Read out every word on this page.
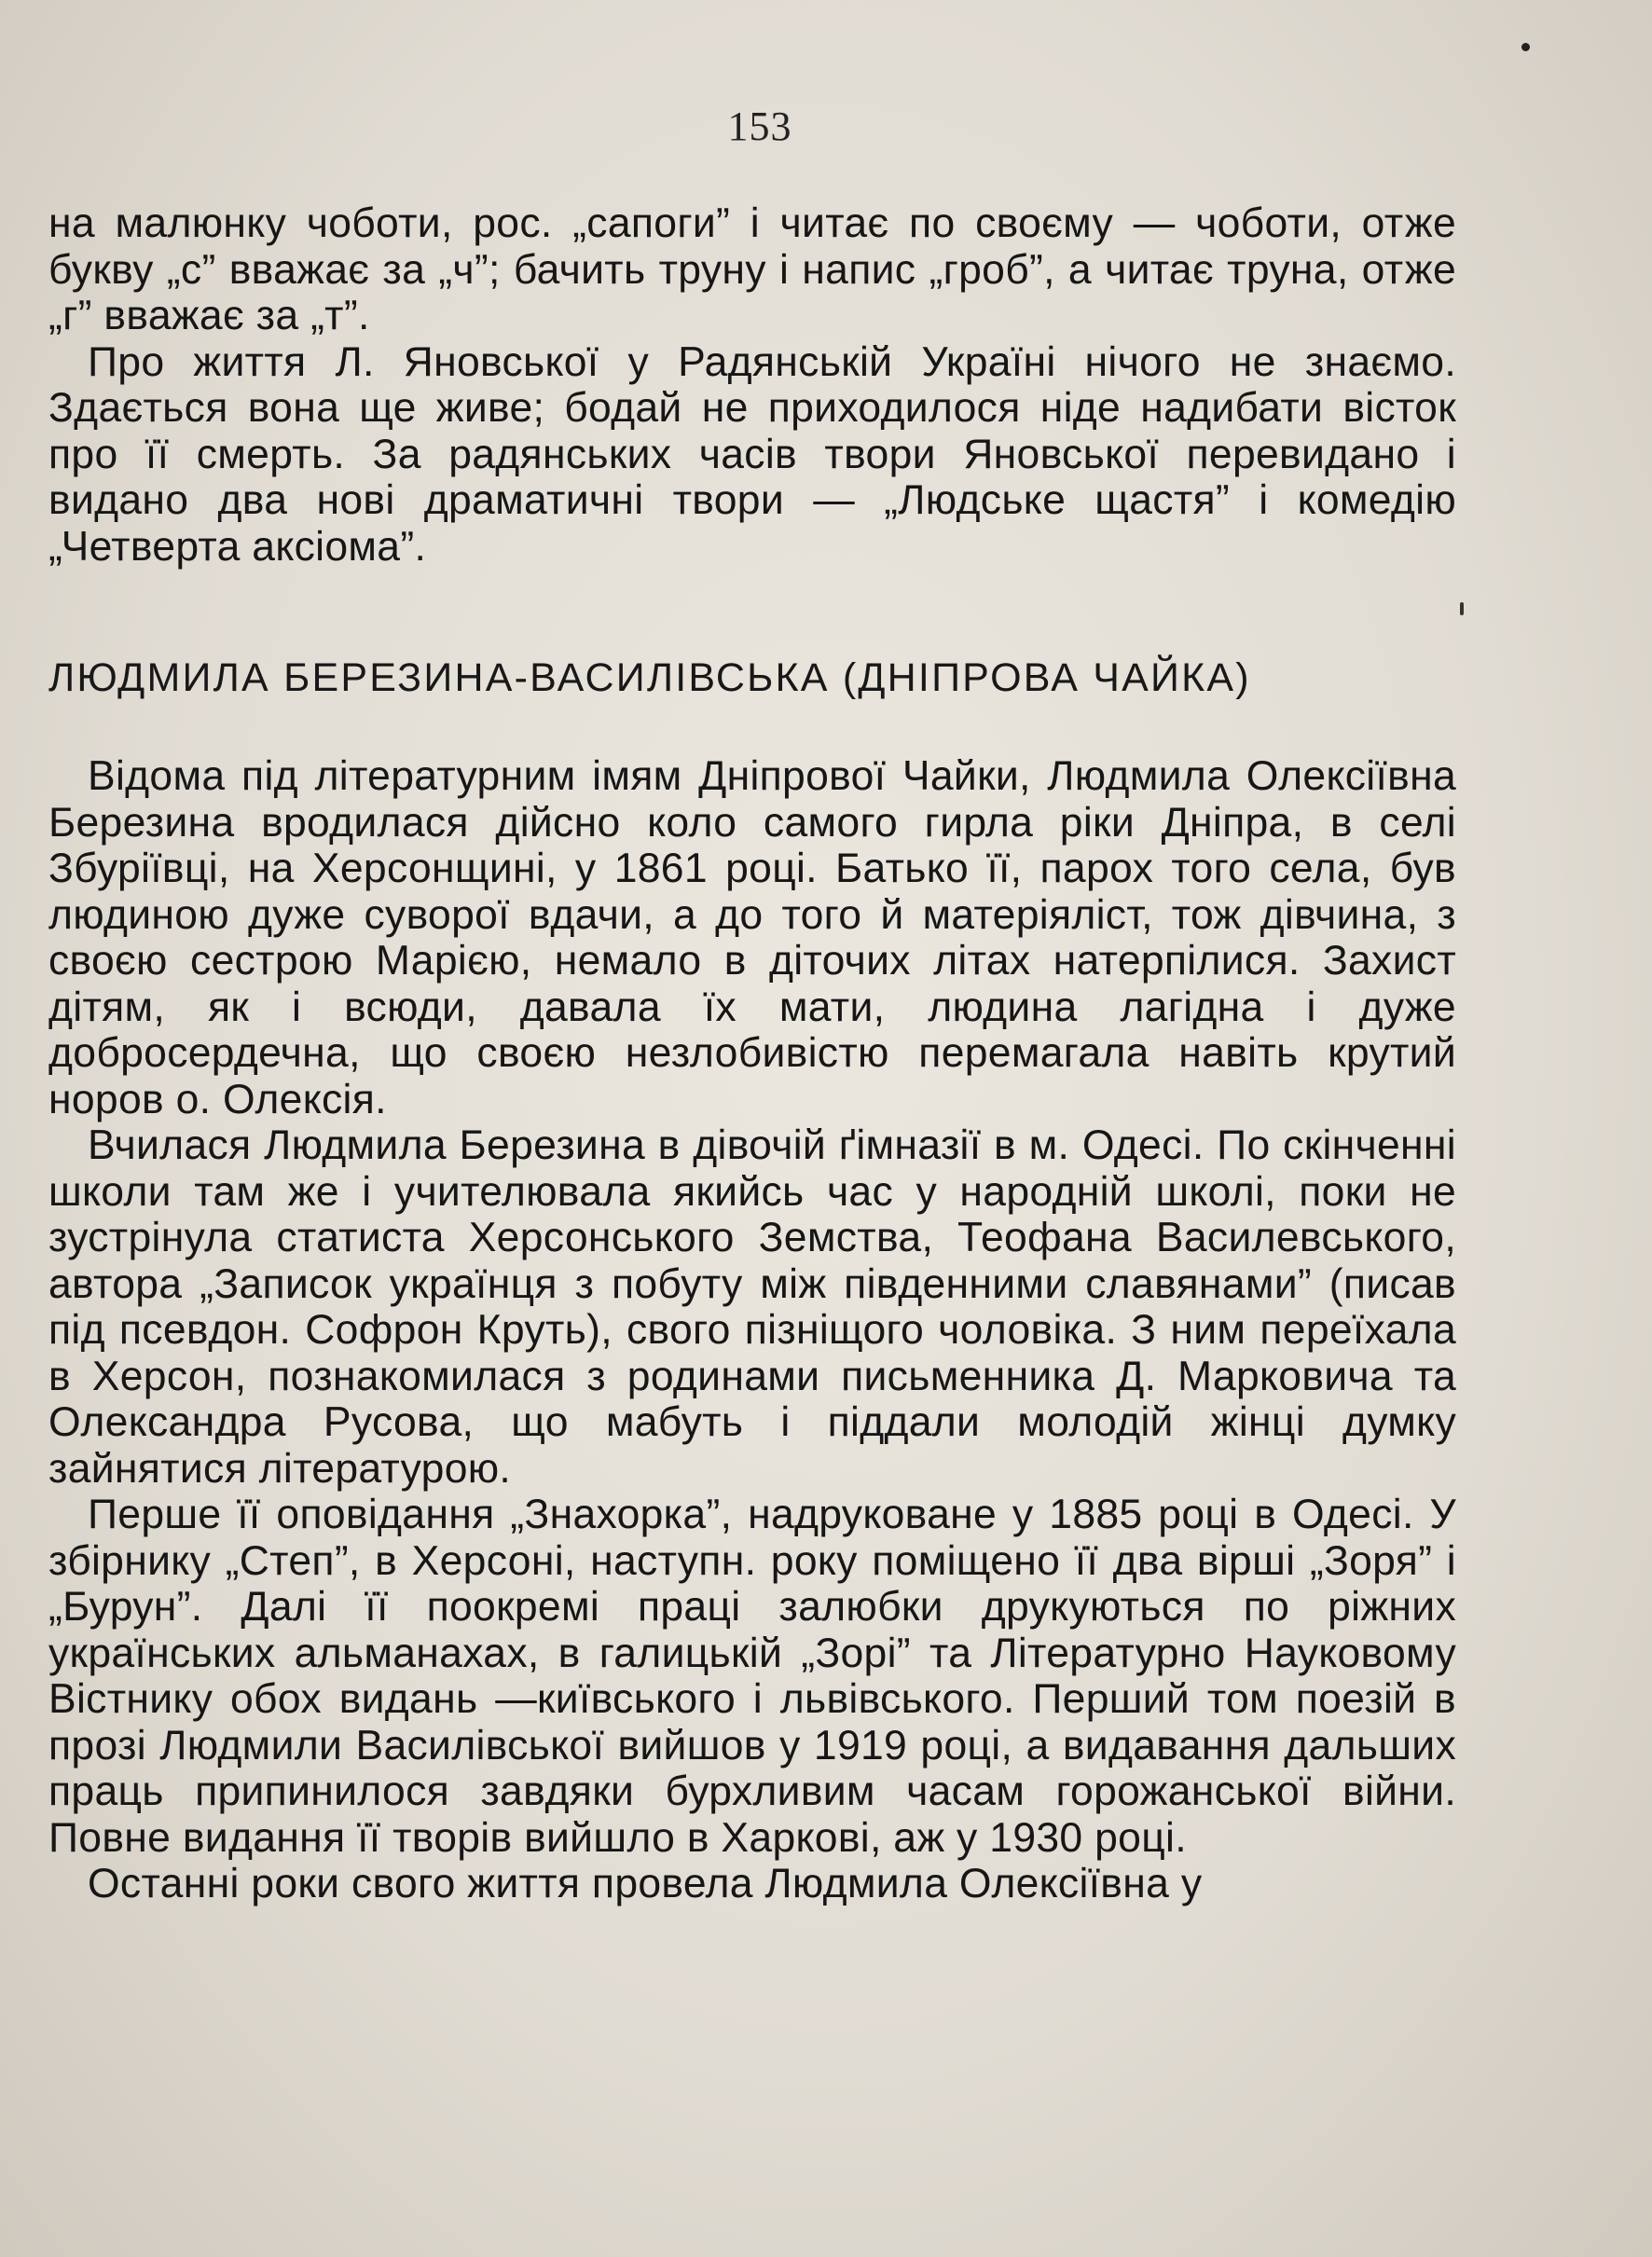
153

на малюнку чоботи, рос. „сапоги” і читає по своєму — чоботи, отже букву „с” вважає за „ч”; бачить труну і напис „гроб”, а читає труна, отже „г” вважає за „т”.

Про життя Л. Яновської у Радянській Україні нічого не знаємо. Здається вона ще живе; бодай не приходилося ніде надибати вісток про її смерть. За радянських часів твори Яновської перевидано і видано два нові драматичні твори — „Людське щастя” і комедію „Четверта аксіома”.

ЛЮДМИЛА БЕРЕЗИНА-ВАСИЛІВСЬКА (ДНІПРОВА ЧАЙКА)

Відома під літературним імям Дніпрової Чайки, Людмила Олексіївна Березина вродилася дійсно коло самого гирла ріки Дніпра, в селі Збуріївці, на Херсонщині, у 1861 році. Батько її, парох того села, був людиною дуже суворої вдачи, а до того й матеріяліст, тож дівчина, з своєю сестрою Марією, немало в діточих літах натерпілися. Захист дітям, як і всюди, давала їх мати, людина лагідна і дуже добросердечна, що своєю незлобивістю перемагала навіть крутий норов о. Олексія.

Вчилася Людмила Березина в дівочій ґімназії в м. Одесі. По скінченні школи там же і учителювала якийсь час у народній школі, поки не зустрінула статиста Херсонського Земства, Теофана Василевського, автора „Записок українця з побуту між південними славянами” (писав під псевдон. Софрон Круть), свого пізніщого чоловіка. З ним переїхала в Херсон, познакомилася з родинами письменника Д. Марковича та Олександра Русова, що мабуть і піддали молодій жінці думку зайнятися літературою.

Перше її оповідання „Знахорка”, надруковане у 1885 році в Одесі. У збірнику „Степ”, в Херсоні, наступн. року поміщено її два вірші „Зоря” і „Бурун”. Далі її поокремі праці залюбки друкуються по ріжних українських альманахах, в галицькій „Зорі” та Літературно Науковому Вістнику обох видань —київського і львівського. Перший том поезій в прозі Людмили Василівської вийшов у 1919 році, а видавання дальших праць припинилося завдяки бурхливим часам горожанської війни. Повне видання її творів вийшло в Харкові, аж у 1930 році.

Останні роки свого життя провела Людмила Олексіївна у
